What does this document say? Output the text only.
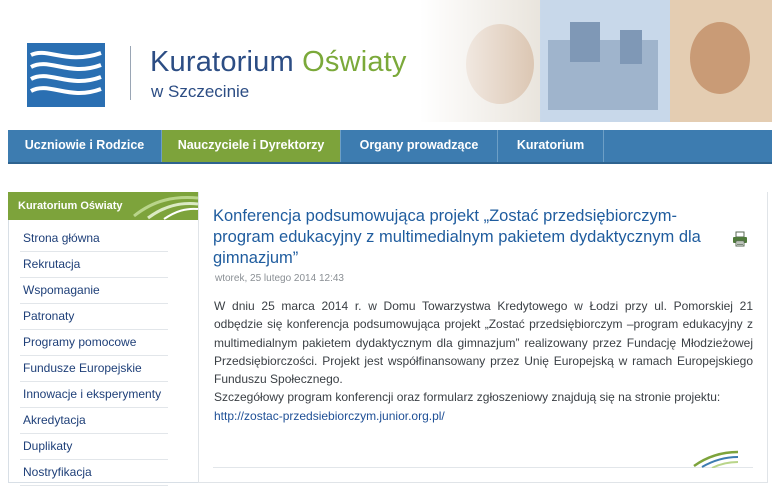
Kuratorium Oświaty
w Szczecinie
Uczniowie i Rodzice	Nauczyciele i Dyrektorzy	Organy prowadzące	Kuratorium
Kuratorium Oświaty
Strona główna
Rekrutacja
Wspomaganie
Patronaty
Programy pomocowe
Fundusze Europejskie
Innowacje i eksperymenty
Akredytacja
Duplikaty
Nostryfikacja
Konferencja podsumowująca projekt „Zostać przedsiębiorczym-program edukacyjny z multimedialnym pakietem dydaktycznym dla gimnazjum”
wtorek, 25 lutego 2014 12:43

W dniu 25 marca 2014 r. w Domu Towarzystwa Kredytowego w Łodzi przy ul. Pomorskiej 21 odbędzie się konferencja podsumowująca projekt „Zostać przedsiębiorczym –program edukacyjny z multimedialnym pakietem dydaktycznym dla gimnazjum” realizowany przez Fundację Młodzieżowej Przedsiębiorczości. Projekt jest współfinansowany przez Unię Europejską w ramach Europejskiego Funduszu Społecznego.

Szczegółowy program konferencji oraz formularz zgłoszeniowy znajdują się na stronie projektu:

http://zostac-przedsiebiorczym.junior.org.pl/
